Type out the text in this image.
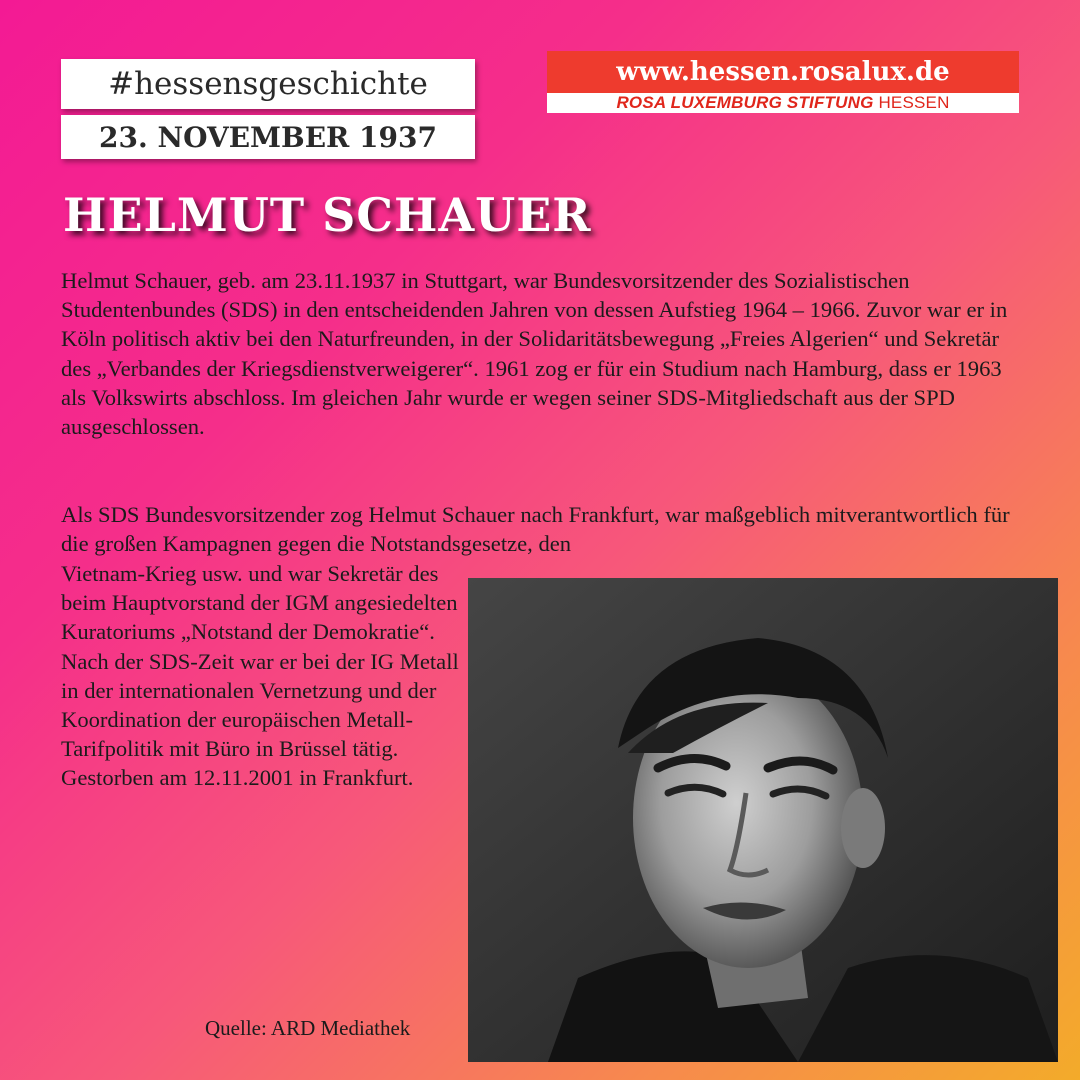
#hessensgeschichte
23. NOVEMBER 1937
www.hessen.rosalux.de
ROSA LUXEMBURG STIFTUNG HESSEN
HELMUT SCHAUER

Helmut Schauer, geb. am 23.11.1937 in Stuttgart, war Bundesvorsitzender des Sozialistischen Studentenbundes (SDS) in den entscheidenden Jahren von dessen Aufstieg 1964 – 1966. Zuvor war er in Köln politisch aktiv bei den Naturfreunden, in der Solidaritätsbewegung „Freies Algerien“ und Sekretär des „Verbandes der Kriegsdienstverweigerer“. 1961 zog er für ein Studium nach Hamburg, dass er 1963 als Volkswirts abschloss. Im gleichen Jahr wurde er wegen seiner SDS-Mitgliedschaft aus der SPD ausgeschlossen.

Als SDS Bundesvorsitzender zog Helmut Schauer nach Frankfurt, war maßgeblich mitverantwortlich für die großen Kampagnen gegen die Notstandsgesetze, den

Vietnam-Krieg usw. und war Sekretär des beim Hauptvorstand der IGM angesiedelten Kuratoriums „Notstand der Demokratie“. Nach der SDS-Zeit war er bei der IG Metall in der internationalen Vernetzung und der Koordination der europäischen Metall-Tarifpolitik mit Büro in Brüssel tätig. Gestorben am 12.11.2001 in Frankfurt.

Quelle: ARD Mediathek
